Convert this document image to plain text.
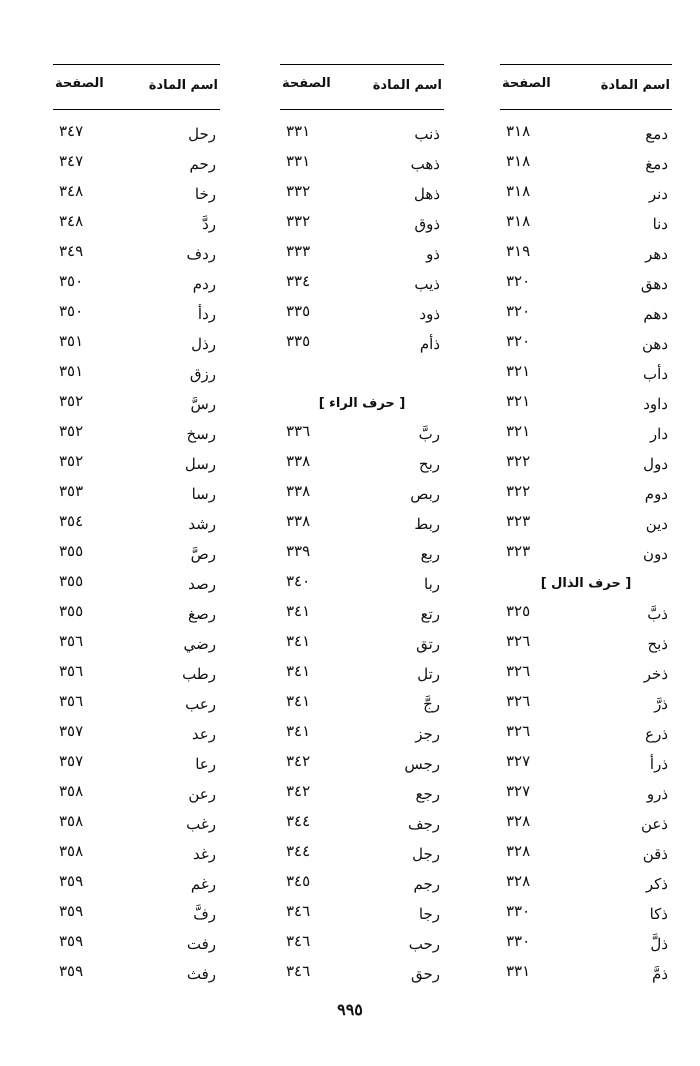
اسم المادة
الصفحة
دمع
٣١٨
دمغ
٣١٨
دنر
٣١٨
دنا
٣١٨
دهر
٣١٩
دهق
٣٢٠
دهم
٣٢٠
دهن
٣٢٠
دأب
٣٢١
داود
٣٢١
دار
٣٢١
دول
٣٢٢
دوم
٣٢٢
دين
٣٢٣
دون
٣٢٣
[ حرف الذال ]
ذبَّ
٣٢٥
ذبح
٣٢٦
ذخر
٣٢٦
ذرَّ
٣٢٦
ذرع
٣٢٦
ذرأ
٣٢٧
ذرو
٣٢٧
ذعن
٣٢٨
ذقن
٣٢٨
ذكر
٣٢٨
ذكا
٣٣٠
ذلَّ
٣٣٠
ذمَّ
٣٣١
اسم المادة
الصفحة
ذنب
٣٣١
ذهب
٣٣١
ذهل
٣٣٢
ذوق
٣٣٢
ذو
٣٣٣
ذيب
٣٣٤
ذود
٣٣٥
ذأم
٣٣٥
[ حرف الراء ]
ربَّ
٣٣٦
ربح
٣٣٨
ربص
٣٣٨
ربط
٣٣٨
ربع
٣٣٩
ربا
٣٤٠
رتع
٣٤١
رتق
٣٤١
رتل
٣٤١
رجَّ
٣٤١
رجز
٣٤١
رجس
٣٤٢
رجع
٣٤٢
رجف
٣٤٤
رجل
٣٤٤
رجم
٣٤٥
رجا
٣٤٦
رحب
٣٤٦
رحق
٣٤٦
اسم المادة
الصفحة
رحل
٣٤٧
رحم
٣٤٧
رخا
٣٤٨
ردَّ
٣٤٨
ردف
٣٤٩
ردم
٣٥٠
ردأ
٣٥٠
رذل
٣٥١
رزق
٣٥١
رسَّ
٣٥٢
رسخ
٣٥٢
رسل
٣٥٢
رسا
٣٥٣
رشد
٣٥٤
رصَّ
٣٥٥
رصد
٣٥٥
رصغ
٣٥٥
رضي
٣٥٦
رطب
٣٥٦
رعب
٣٥٦
رعد
٣٥٧
رعا
٣٥٧
رعن
٣٥٨
رغب
٣٥٨
رغد
٣٥٨
رغم
٣٥٩
رفَّ
٣٥٩
رفت
٣٥٩
رفث
٣٥٩
٩٩٥
